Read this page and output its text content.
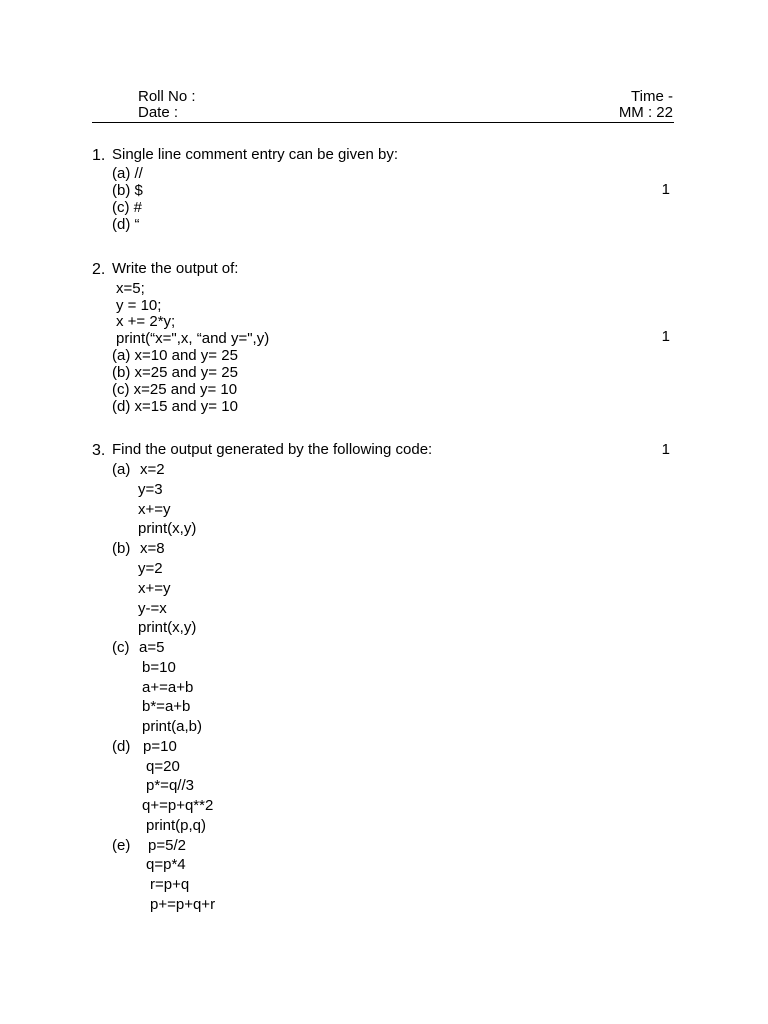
Roll No :
Date :
Time -
MM : 22
1. Single line comment entry can be given by:
(a) //
(b) $
(c) #
(d) “
1
2. Write the output of:
x=5;
y = 10;
x += 2*y;
print(“x=",x, “and y=",y)
(a) x=10 and y= 25
(b) x=25 and y= 25
(c) x=25 and y= 10
(d) x=15 and y= 10
1
3. Find the output generated by the following code:	1
(a) x=2
y=3
x+=y
print(x,y)
(b) x=8
y=2
x+=y
y-=x
print(x,y)
(c) a=5
b=10
a+=a+b
b*=a+b
print(a,b)
(d) p=10
q=20
p*=q//3
q+=p+q**2
print(p,q)
(e) p=5/2
q=p*4
r=p+q
p+=p+q+r
